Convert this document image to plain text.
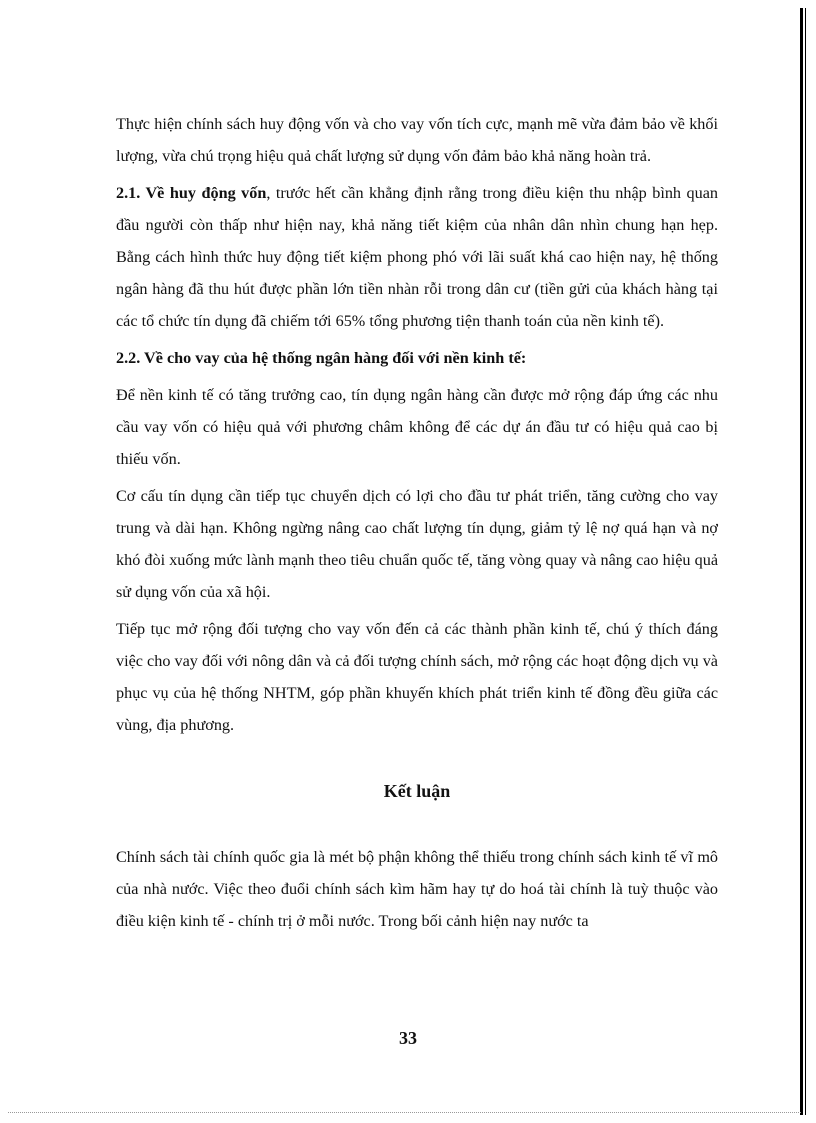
Thực hiện chính sách huy động vốn và cho vay vốn tích cực, mạnh mẽ vừa đảm bảo về khối lượng, vừa chú trọng hiệu quả chất lượng sử dụng vốn đảm bảo khả năng hoàn trả.

2.1. Về huy động vốn, trước hết cần khẳng định rằng trong điều kiện thu nhập bình quan đầu người còn thấp như hiện nay, khả năng tiết kiệm của nhân dân nhìn chung hạn hẹp. Bằng cách hình thức huy động tiết kiệm phong phó với lãi suất khá cao hiện nay, hệ thống ngân hàng đã thu hút được phần lớn tiền nhàn rỗi trong dân cư (tiền gửi của khách hàng tại các tổ chức tín dụng đã chiếm tới 65% tổng phương tiện thanh toán của nền kinh tế).

2.2. Về cho vay của hệ thống ngân hàng đối với nền kinh tế:

Để nền kinh tế có tăng trưởng cao, tín dụng ngân hàng cần được mở rộng đáp ứng các nhu cầu vay vốn có hiệu quả với phương châm không để các dự án đầu tư có hiệu quả cao bị thiếu vốn.

Cơ cấu tín dụng cần tiếp tục chuyển dịch có lợi cho đầu tư phát triển, tăng cường cho vay trung và dài hạn. Không ngừng nâng cao chất lượng tín dụng, giảm tỷ lệ nợ quá hạn và nợ khó đòi xuống mức lành mạnh theo tiêu chuẩn quốc tế, tăng vòng quay và nâng cao hiệu quả sử dụng vốn của xã hội.

Tiếp tục mở rộng đối tượng cho vay vốn đến cả các thành phần kinh tế, chú ý thích đáng việc cho vay đối với nông dân và cả đối tượng chính sách, mở rộng các hoạt động dịch vụ và phục vụ của hệ thống NHTM, góp phần khuyến khích phát triển kinh tế đồng đều giữa các vùng, địa phương.

Kết luận

Chính sách tài chính quốc gia là mét bộ phận không thể thiếu trong chính sách kinh tế vĩ mô của nhà nước. Việc theo đuổi chính sách kìm hãm hay tự do hoá tài chính là tuỳ thuộc vào điều kiện kinh tế - chính trị ở mỗi nước. Trong bối cảnh hiện nay nước ta

33
